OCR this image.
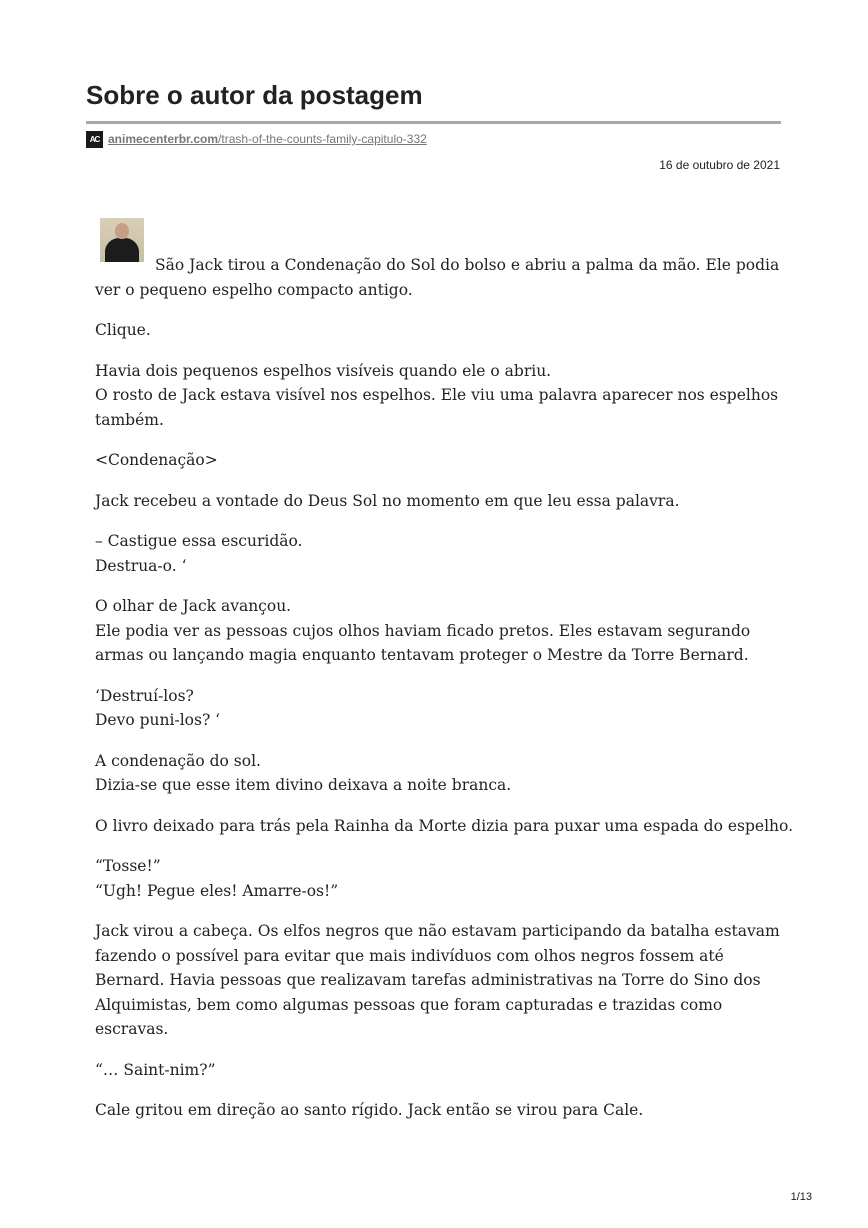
Sobre o autor da postagem
AC animecenterbr.com/trash-of-the-counts-family-capitulo-332
16 de outubro de 2021

São Jack tirou a Condenação do Sol do bolso e abriu a palma da mão. Ele podia ver o pequeno espelho compacto antigo.

Clique.

Havia dois pequenos espelhos visíveis quando ele o abriu.
O rosto de Jack estava visível nos espelhos. Ele viu uma palavra aparecer nos espelhos também.

<Condenação>

Jack recebeu a vontade do Deus Sol no momento em que leu essa palavra.

– Castigue essa escuridão.
Destrua-o. ‘

O olhar de Jack avançou.
Ele podia ver as pessoas cujos olhos haviam ficado pretos. Eles estavam segurando armas ou lançando magia enquanto tentavam proteger o Mestre da Torre Bernard.

‘Destruí-los?
Devo puni-los? ‘

A condenação do sol.
Dizia-se que esse item divino deixava a noite branca.

O livro deixado para trás pela Rainha da Morte dizia para puxar uma espada do espelho.

“Tosse!”
“Ugh! Pegue eles! Amarre-os!”

Jack virou a cabeça. Os elfos negros que não estavam participando da batalha estavam fazendo o possível para evitar que mais indivíduos com olhos negros fossem até Bernard. Havia pessoas que realizavam tarefas administrativas na Torre do Sino dos Alquimistas, bem como algumas pessoas que foram capturadas e trazidas como escravas.

“… Saint-nim?”

Cale gritou em direção ao santo rígido. Jack então se virou para Cale.

1/13
